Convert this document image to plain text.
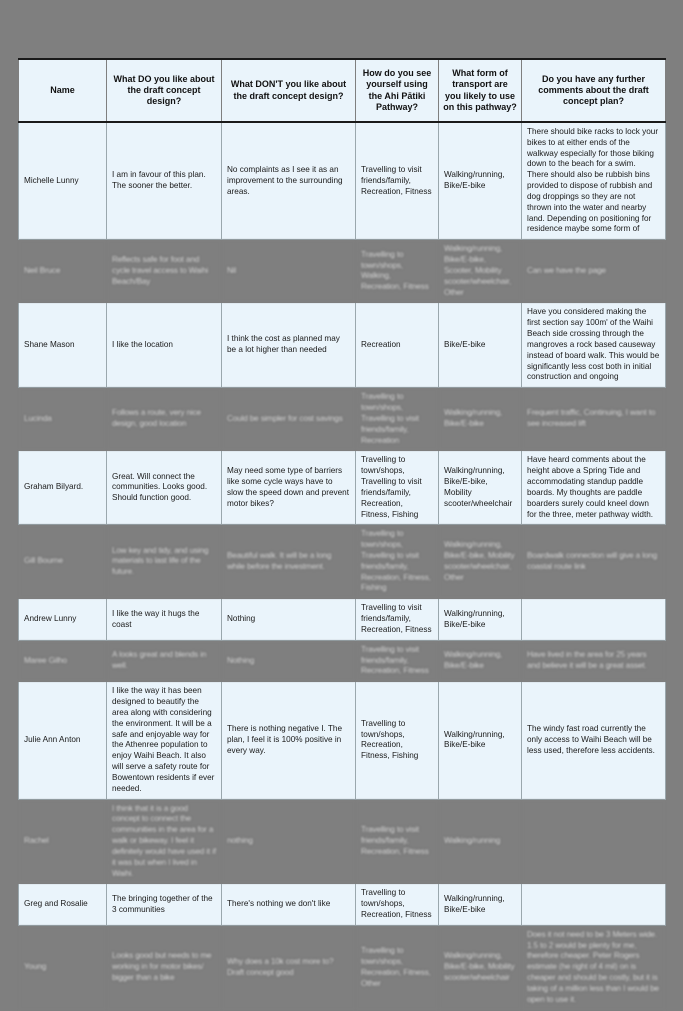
Name	What DO you like about the draft concept design?	What DON'T you like about the draft concept design?	How do you see yourself using the Ahi Pātiki Pathway?	What form of transport are you likely to use on this pathway?	Do you have any further comments about the draft concept plan?
Michelle Lunny	I am in favour of this plan. The sooner the better.	No complaints as I see it as an improvement to the surrounding areas.	Travelling to visit friends/family, Recreation, Fitness	Walking/running, Bike/E-bike	There should bike racks to lock your bikes to at either ends of the walkway especially for those biking down to the beach for a swim.
There should also be rubbish bins provided to dispose of rubbish and dog droppings so they are not thrown into the water and nearby land. Depending on positioning for residence maybe some form of
Neil Bruce	Reflects safe for foot and cycle travel access to Waihi Beach/Bay	Nil	Travelling to town/shops, Walking, Recreation, Fitness	Walking/running, Bike/E-bike, Scooter, Mobility scooter/wheelchair, Other	Can we have the page
Shane Mason	I like the location	I think the cost as planned may be a lot higher than needed	Recreation	Bike/E-bike	Have you considered making the first section say 100m' of the Waihi Beach side crossing through the mangroves a rock based causeway instead of board walk. This would be significantly less cost both in initial construction and ongoing
Lucinda	Follows a route, very nice design, good location	Could be simpler for cost savings	Travelling to town/shops, Travelling to visit friends/family, Recreation	Walking/running, Bike/E-bike	Frequent traffic, Continuing, I want to see increased lift
Graham Bilyard.	Great. Will connect the communities. Looks good. Should function good.	May need some type of barriers like some cycle ways have to slow the speed down and prevent motor bikes?	Travelling to town/shops, Travelling to visit friends/family, Recreation, Fitness, Fishing	Walking/running, Bike/E-bike, Mobility scooter/wheelchair	Have heard comments about the height above a Spring Tide and accommodating standup paddle boards. My thoughts are paddle boarders surely could kneel down for the three, meter pathway width.
Gill Bourne	Low key and tidy, and using materials to last life of the future.	Beautiful walk. It will be a long while before the investment.	Travelling to town/shops, Travelling to visit friends/family, Recreation, Fitness, Fishing	Walking/running, Bike/E-bike, Mobility scooter/wheelchair, Other	Boardwalk connection will give a long coastal route link
Andrew Lunny	I like the way it hugs the coast	Nothing	Travelling to visit friends/family, Recreation, Fitness	Walking/running, Bike/E-bike	
Maree Gilho	A looks great and blends in well.	Nothing	Travelling to visit friends/family, Recreation, Fitness	Walking/running, Bike/E-bike	Have lived in the area for 25 years and believe it will be a great asset.
Julie Ann Anton	I like the way it has been designed to beautify the area along with considering the environment. It will be a safe and enjoyable way for the Athenree population to enjoy Waihi Beach. It also will serve a safety route for Bowentown residents if ever needed.	There is nothing negative I. The plan, I feel it is 100% positive in every way.	Travelling to town/shops, Recreation, Fitness, Fishing	Walking/running, Bike/E-bike	The windy fast road currently the only access to Waihi Beach will be less used, therefore less accidents.
Rachel	I think that it is a good concept to connect the communities in the area for a walk or bikeway. I feel it definitely would have used it if it was but when I lived in Waihi.	nothing	Travelling to visit friends/family, Recreation, Fitness	Walking/running	
Greg and Rosalie	The bringing together of the 3 communities	There's nothing we don't like	Travelling to town/shops, Recreation, Fitness	Walking/running, Bike/E-bike	
Young	Looks good but needs to me working in for motor bikes/ bigger than a bike	Why does a 10k cost more to? Draft concept good	Travelling to town/shops, Recreation, Fitness, Other	Walking/running, Bike/E-bike, Mobility scooter/wheelchair	Does it not need to be 3 Meters wide. 1.5 to 2 would be plenty for me, therefore cheaper. Peter Rogers estimate (he right of 4 mil) on is cheaper and should be costly, but it is taking of a million less than I would be open to use it.
